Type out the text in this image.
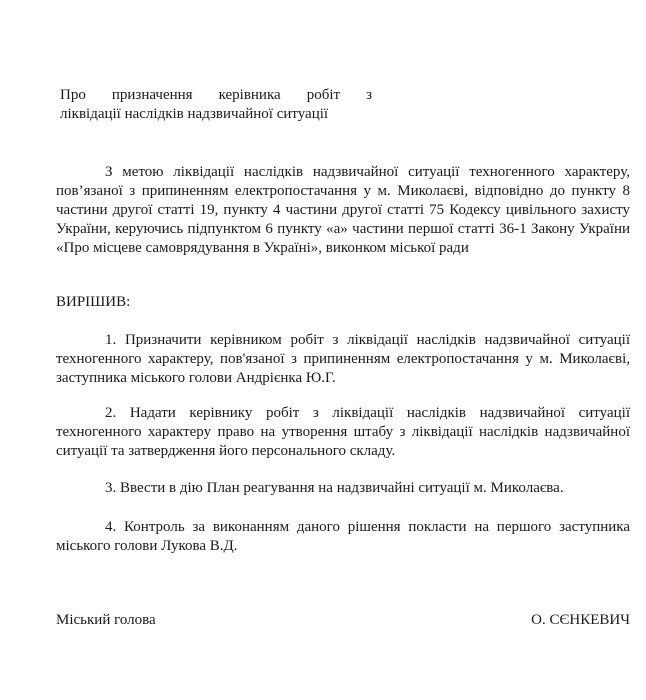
Про призначення керівника робіт з
ліквідації наслідків надзвичайної ситуації
З метою ліквідації наслідків надзвичайної ситуації техногенного характеру, пов’язаної з припиненням електропостачання у м. Миколаєві, відповідно до пункту 8 частини другої статті 19, пункту 4 частини другої статті 75 Кодексу цивільного захисту України, керуючись підпунктом 6 пункту «а» частини першої статті 36-1 Закону України «Про місцеве самоврядування в Україні», виконком міської ради
ВИРІШИВ:
1. Призначити керівником робіт з ліквідації наслідків надзвичайної ситуації техногенного характеру, пов'язаної з припиненням електропостачання у м. Миколаєві, заступника міського голови Андрієнка Ю.Г.
2. Надати керівнику робіт з ліквідації наслідків надзвичайної ситуації техногенного характеру право на утворення штабу з ліквідації наслідків надзвичайної ситуації та затвердження його персонального складу.
3. Ввести в дію План реагування на надзвичайні ситуації м. Миколаєва.
4. Контроль за виконанням даного рішення покласти на першого заступника міського голови Лукова В.Д.
Міський голова	О. СЄНКЕВИЧ
